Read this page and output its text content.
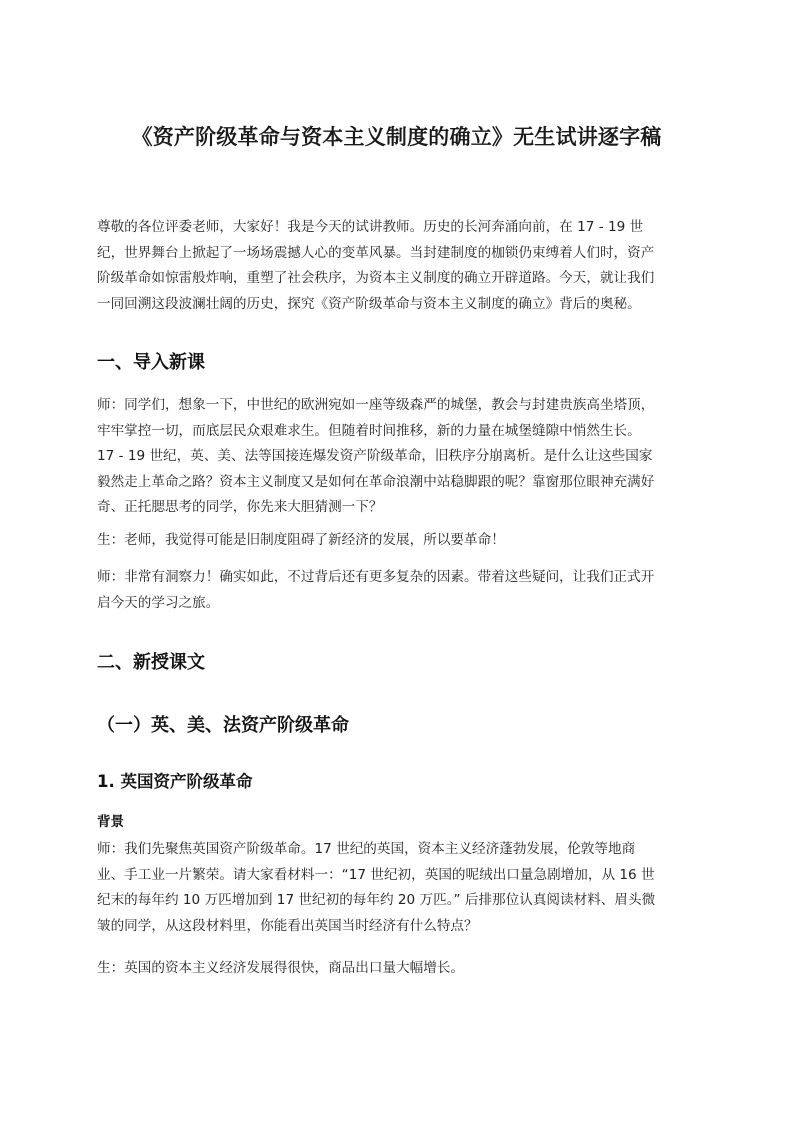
《资产阶级革命与资本主义制度的确立》无生试讲逐字稿

尊敬的各位评委老师，大家好！我是今天的试讲教师。历史的长河奔涌向前，在 17 - 19 世
纪，世界舞台上掀起了一场场震撼人心的变革风暴。当封建制度的枷锁仍束缚着人们时，资产
阶级革命如惊雷般炸响，重塑了社会秩序，为资本主义制度的确立开辟道路。今天，就让我们
一同回溯这段波澜壮阔的历史，探究《资产阶级革命与资本主义制度的确立》背后的奥秘。

一、导入新课

师：同学们，想象一下，中世纪的欧洲宛如一座等级森严的城堡，教会与封建贵族高坐塔顶，
牢牢掌控一切，而底层民众艰难求生。但随着时间推移，新的力量在城堡缝隙中悄然生长。
17 - 19 世纪，英、美、法等国接连爆发资产阶级革命，旧秩序分崩离析。是什么让这些国家
毅然走上革命之路？资本主义制度又是如何在革命浪潮中站稳脚跟的呢？靠窗那位眼神充满好
奇、正托腮思考的同学，你先来大胆猜测一下？

生：老师，我觉得可能是旧制度阻碍了新经济的发展，所以要革命！

师：非常有洞察力！确实如此，不过背后还有更多复杂的因素。带着这些疑问，让我们正式开
启今天的学习之旅。

二、新授课文
（一）英、美、法资产阶级革命
1. 英国资产阶级革命
背景

师：我们先聚焦英国资产阶级革命。17 世纪的英国，资本主义经济蓬勃发展，伦敦等地商
业、手工业一片繁荣。请大家看材料一：“17 世纪初，英国的呢绒出口量急剧增加，从 16 世
纪末的每年约 10 万匹增加到 17 世纪初的每年约 20 万匹。” 后排那位认真阅读材料、眉头微
皱的同学，从这段材料里，你能看出英国当时经济有什么特点？

生：英国的资本主义经济发展得很快，商品出口量大幅增长。
